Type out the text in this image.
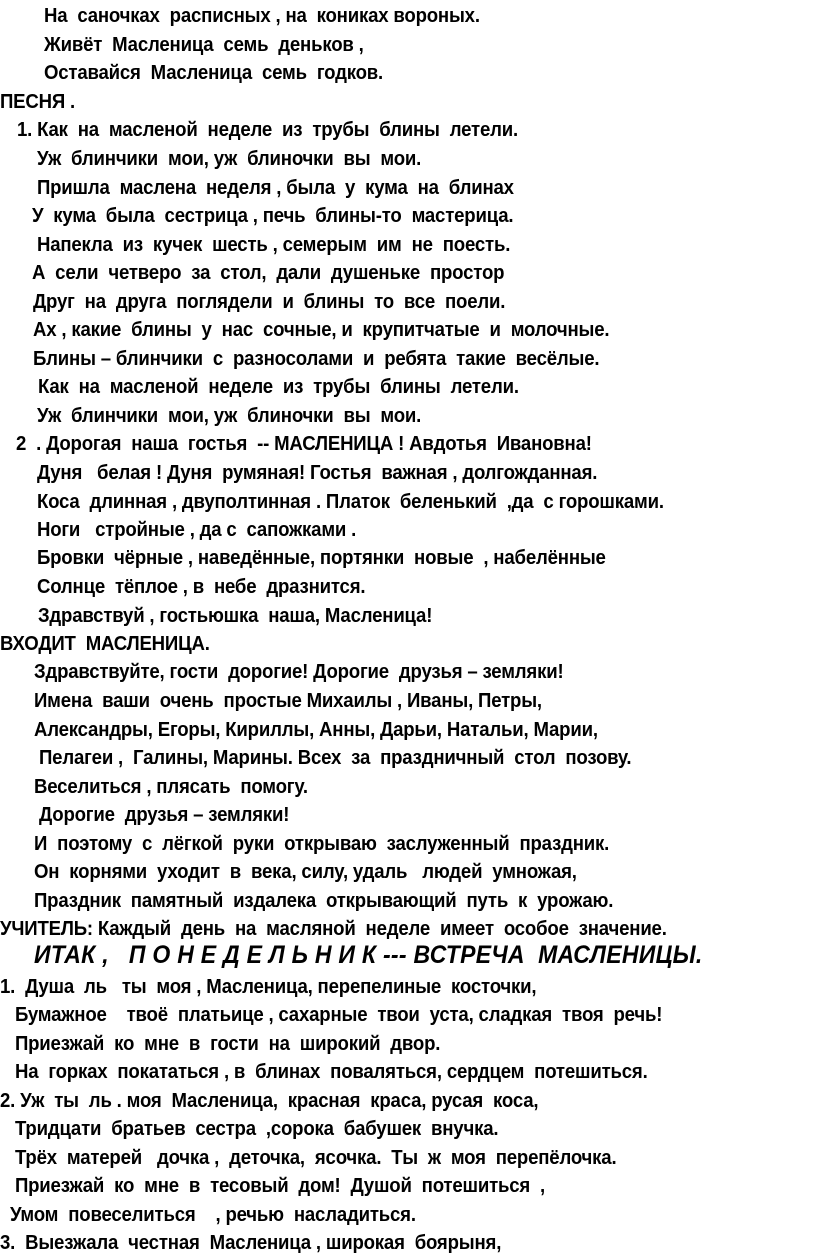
На  саночках  расписных , на  кониках вороных.
Живёт  Масленица  семь  деньков ,
Оставайся  Масленица  семь  годков.
ПЕСНЯ .
1. Как  на  масленой  неделе  из  трубы  блины  летели.
Уж  блинчики  мои, уж  блиночки  вы  мои.
Пришла  маслена  неделя , была  у  кума  на  блинах
У  кума  была  сестрица , печь  блины-то  мастерица.
Напекла  из  кучек  шесть , семерым  им  не  поесть.
А  сели  четверо  за  стол,  дали  душеньке  простор
Друг  на  друга  поглядели  и  блины  то  все  поели.
Ах , какие  блины  у  нас  сочные, и  крупитчатые  и  молочные.
Блины – блинчики  с  разносолами  и  ребята  такие  весёлые.
Как  на  масленой  неделе  из  трубы  блины  летели.
Уж  блинчики  мои, уж  блиночки  вы  мои.
2  . Дорогая  наша  гостья  -- МАСЛЕНИЦА ! Авдотья  Ивановна!
Дуня   белая ! Дуня  румяная! Гостья  важная , долгожданная.
Коса  длинная , двуполтинная . Платок  беленький  ,да  с горошками.
Ноги   стройные , да с  сапожками .
Бровки  чёрные , наведённые, портянки  новые  , набелённые
Солнце  тёплое , в  небе  дразнится.
Здравствуй , гостьюшка  наша, Масленица!
ВХОДИТ  МАСЛЕНИЦА.
Здравствуйте, гости  дорогие! Дорогие  друзья – земляки!
Имена  ваши  очень  простые Михаилы , Иваны, Петры,
Александры, Егоры, Кириллы, Анны, Дарьи, Натальи, Марии,
Пелагеи ,  Галины, Марины. Всех  за  праздничный  стол  позову.
Веселиться , плясать  помогу.
Дорогие  друзья – земляки!
И  поэтому  с  лёгкой  руки  открываю  заслуженный  праздник.
Он  корнями  уходит  в  века, силу, удаль   людей  умножая,
Праздник  памятный  издалека  открывающий  путь  к  урожаю.
УЧИТЕЛЬ: Каждый  день  на  масляной  неделе  имеет  особое  значение.
ИТАК ,   П О Н Е Д Е Л Ь Н И К --- ВСТРЕЧА  МАСЛЕНИЦЫ.
1.  Душа  ль   ты  моя , Масленица, перепелиные  косточки,
Бумажное    твоё  платьице , сахарные  твои  уста, сладкая  твоя  речь!
Приезжай  ко  мне  в  гости  на  широкий  двор.
На  горках  покататься , в  блинах  поваляться, сердцем  потешиться.
2. Уж  ты  ль . моя  Масленица,  красная  краса, русая  коса,
Тридцати  братьев  сестра  ,сорока  бабушек  внучка.
Трёх  матерей   дочка ,  деточка,  ясочка.  Ты  ж  моя  перепёлочка.
Приезжай  ко  мне  в  тесовый  дом!  Душой  потешиться  ,
Умом  повеселиться    , речью  насладиться.
3.  Выезжала  честная  Масленица , широкая  боярыня,
